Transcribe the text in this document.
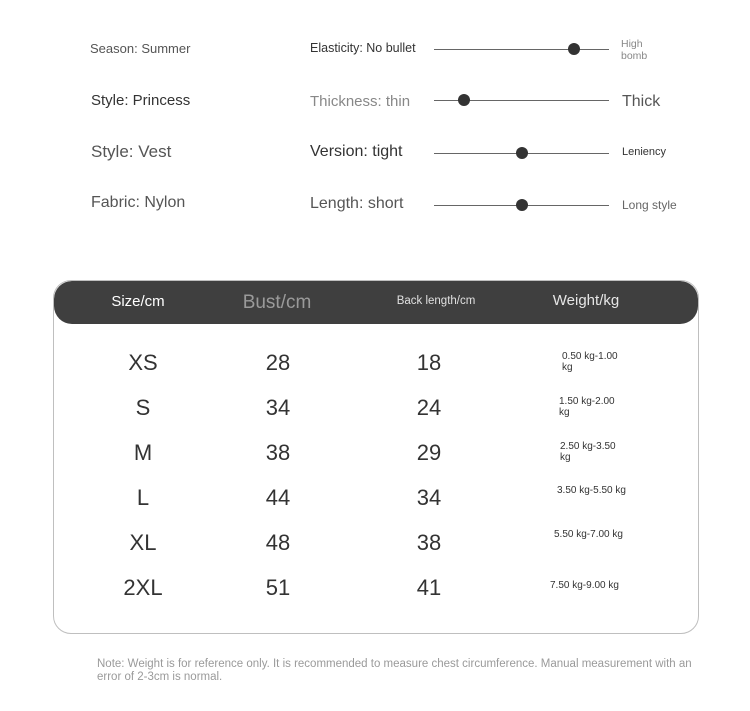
Season: Summer
Style: Princess
Style: Vest
Fabric: Nylon
Elasticity: No bullet	High bomb
Thickness: thin	Thick
Version: tight	Leniency
Length: short	Long style
Size/cm	Bust/cm	Back length/cm	Weight/kg
XS	28	18	0.50 kg-1.00 kg
S	34	24	1.50 kg-2.00 kg
M	38	29	2.50 kg-3.50 kg
L	44	34	3.50 kg-5.50 kg
XL	48	38	5.50 kg-7.00 kg
2XL	51	41	7.50 kg-9.00 kg
Note: Weight is for reference only. It is recommended to measure chest circumference. Manual measurement with an error of 2-3cm is normal.
